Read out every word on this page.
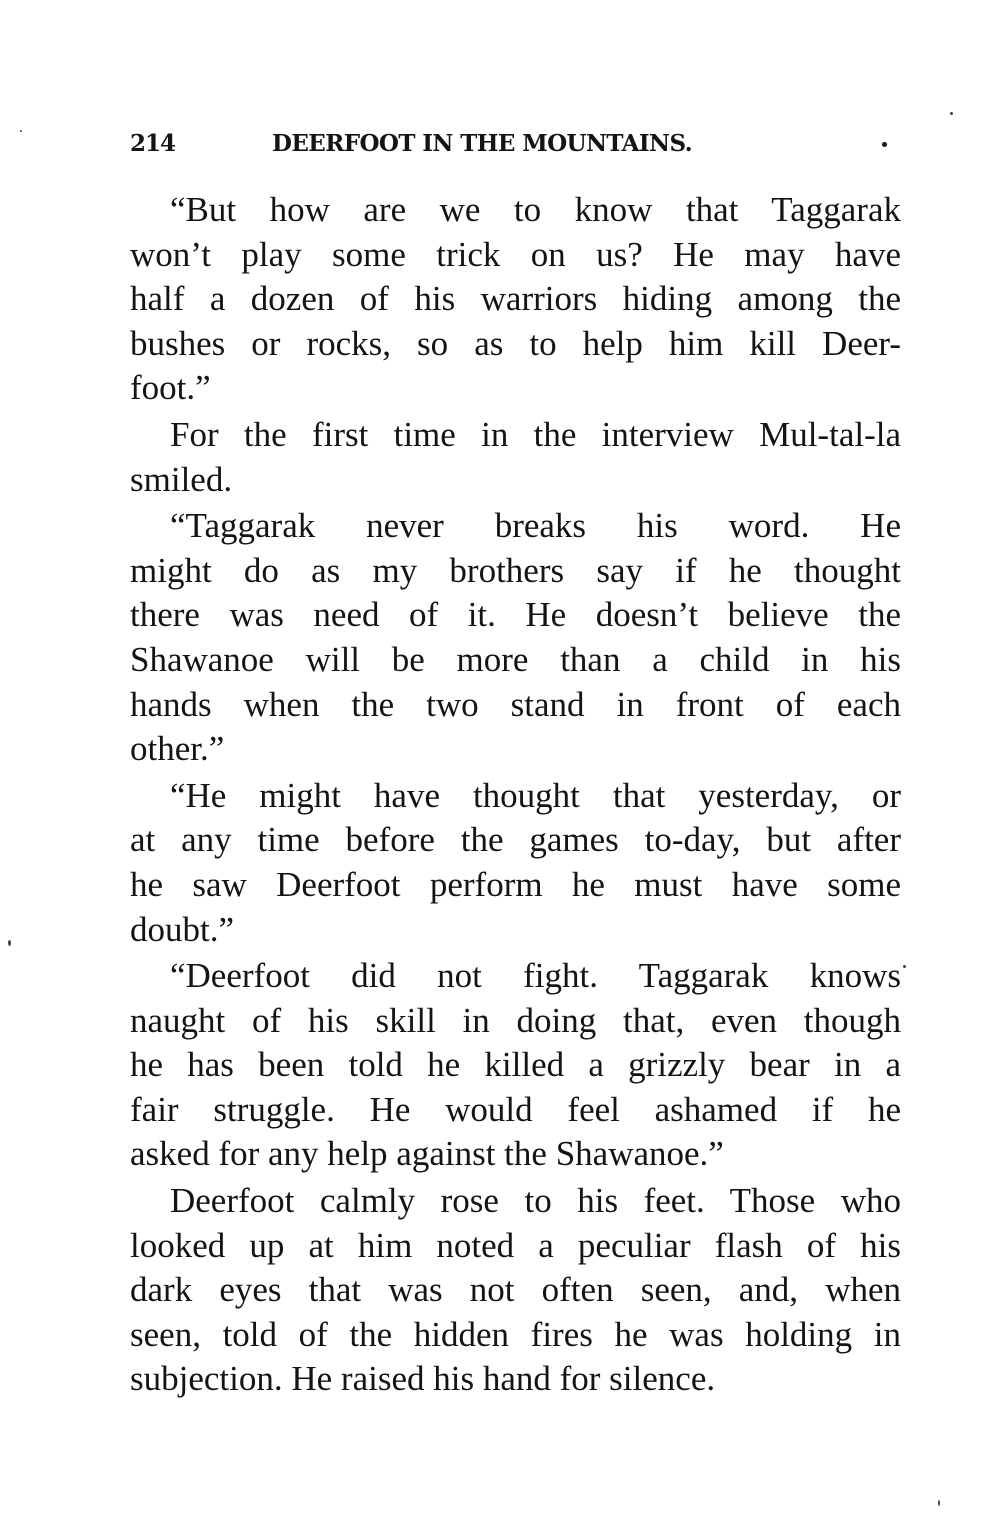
214	DEERFOOT IN THE MOUNTAINS.
“But how are we to know that Taggarak
won’t play some trick on us? He may have
half a dozen of his warriors hiding among the
bushes or rocks, so as to help him kill Deer-
foot.”
For the first time in the interview Mul-tal-la
smiled.
“Taggarak never breaks his word. He
might do as my brothers say if he thought
there was need of it. He doesn’t believe the
Shawanoe will be more than a child in his
hands when the two stand in front of each
other.”
“He might have thought that yesterday, or
at any time before the games to-day, but after
he saw Deerfoot perform he must have some
doubt.”
“Deerfoot did not fight. Taggarak knows
naught of his skill in doing that, even though
he has been told he killed a grizzly bear in a
fair struggle. He would feel ashamed if he
asked for any help against the Shawanoe.”
Deerfoot calmly rose to his feet. Those who
looked up at him noted a peculiar flash of his
dark eyes that was not often seen, and, when
seen, told of the hidden fires he was holding in
subjection. He raised his hand for silence.
